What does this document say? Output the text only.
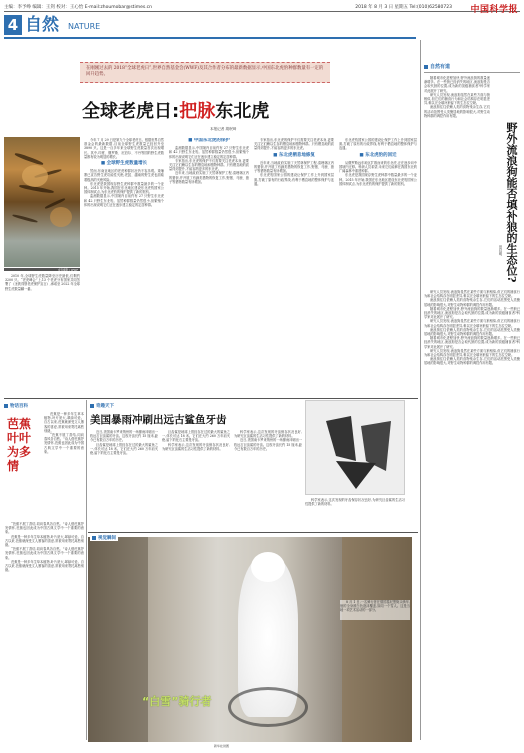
主编：李予峥 编辑：王剑 校对：王心怡 E-mail:zhoumobar@stimes.cn	2018 年 8 月 3 日 星期五 Tel:(010)62580723 中国科学报
4 自然 NATURE
在刚刚过去的 2018“全球老虎日”,世界自然基金会(WWF)及其合作者分布的最新数据显示,中国东北虎豹种群数量有一定的回升趋势。
全球老虎日:把脉东北虎
本报记者 胡珉琦
虎年摄影 / WWF

2010 年,全球野生虎数量降至历史最低,仅剩约 3200 只。“老虎峰会”上,13 个老虎分布国家共同签署了《圣彼得堡老虎保护宣言》,承诺至 2022 年全球野生虎数量翻一番。

今年 7 月 29 日是第九个全球老虎日。根据世界自然基金会的最新数据,目前全球野生虎数量已经回升至 3890 只。这是一百多年来全球野生虎数量首次出现增长。其中,印度、俄罗斯、尼泊尔、不丹等国的野生虎数量都有较为明显的增长。

■ 全球野生虎数量增长

然而,东南亚地区的老虎种群状况仍不容乐观。柬埔寨已宣告野生虎功能性灭绝,老挝、越南的野生虎也面临着极高的灭绝风险。

东北虎是我国现存野生虎种群中数量最多的一个亚种。2015 年开始,我国在东北地区建设东北虎豹国家公园体制试点,为东北虎豹的保护提供了新的契机。

监测数据显示,中国境内目前约有 27 只野生东北虎和 42 只野生东北豹。虽然种群数量仍然很小,但繁殖个体的出现说明它们正在逐步建立稳定的定居种群。

■ 中国东北虎的保护

监测数据显示,中国境内目前约有 27 只野生东北虎和 42 只野生东北豹。虽然种群数量仍然很小,但繁殖个体的出现说明它们正在逐步建立稳定的定居种群。

专家指出,东北虎的保护不仅需要关注老虎本身,更要关注它们赖以生存的栖息地和猎物种群。只有栖息地的质量得到提升,才能容纳更多的东北虎。

近年来,当地政府实施了天然林保护工程,清理林区内的猎套,并开展了有蹄类猎物的恢复工作,野猪、马鹿、狍子等猎物数量有所增加。

专家指出,东北虎的保护不仅需要关注老虎本身,更要关注它们赖以生存的栖息地和猎物种群。只有栖息地的质量得到提升,才能容纳更多的东北虎。

■ 东北虎栖息地修复

近年来,当地政府实施了天然林保护工程,清理林区内的猎套,并开展了有蹄类猎物的恢复工作,野猪、马鹿、狍子等猎物数量有所增加。

东北虎豹国家公园的建设让保护工作上升到国家层面,打破了原有的行政界线,有利于栖息地的整体保护与连通。

东北虎豹国家公园的建设让保护工作上升到国家层面,打破了原有的行政界线,有利于栖息地的整体保护与连通。

■ 东北虎豹的回迁

从俄罗斯远东地区扩散而来的东北虎,正在逐步向中国境内迁移。科研人员希望,未来它们能够在我国东北的广阔森林中重建种群。

东北虎是我国现存野生虎种群中数量最多的一个亚种。2015 年开始,我国在东北地区建设东北虎豹国家公园体制试点,为东北虎豹的保护提供了新的契机。

自然有道

随着城市化进程加快,野外流浪狗的数量逐渐增多。在一些狼已经消失的地区,流浪狗是否会取代狼的位置,成为新的顶级捕食者?科学家对此展开了研究。

研究人员发现,流浪狗虽然在某些方面与狼相似,但它们的捕食行为和社会结构存在明显差异,难以完全填补狼留下的生态位空缺。

流浪狗往往依赖人类的食物残余生存,它们的活动范围受人类聚居地的影响很大,对野生动物种群的调控作用有限。

野外流浪狗能否填补狼的生态位?
田启明

研究人员发现,流浪狗虽然在某些方面与狼相似,但它们的捕食行为和社会结构存在明显差异,难以完全填补狼留下的生态位空缺。

流浪狗往往依赖人类的食物残余生存,它们的活动范围受人类聚居地的影响很大,对野生动物种群的调控作用有限。

随着城市化进程加快,野外流浪狗的数量逐渐增多。在一些狼已经消失的地区,流浪狗是否会取代狼的位置,成为新的顶级捕食者?科学家对此展开了研究。

研究人员发现,流浪狗虽然在某些方面与狼相似,但它们的捕食行为和社会结构存在明显差异,难以完全填补狼留下的生态位空缺。

流浪狗往往依赖人类的食物残余生存,它们的活动范围受人类聚居地的影响很大,对野生动物种群的调控作用有限。

随着城市化进程加快,野外流浪狗的数量逐渐增多。在一些狼已经消失的地区,流浪狗是否会取代狼的位置,成为新的顶级捕食者?科学家对此展开了研究。

研究人员发现,流浪狗虽然在某些方面与狼相似,但它们的捕食行为和社会结构存在明显差异,难以完全填补狼留下的生态位空缺。

流浪狗往往依赖人类的食物残余生存,它们的活动范围受人类聚居地的影响很大,对野生动物种群的调控作用有限。

物话百科
芭蕉叶叶为多情

芭蕉是一种多年生草本植物,叶片宽大,翠绿可爱。自古以来,芭蕉就深受文人墨客的喜爱,常被用来寄托离愁别绪。

“芭蕉不展丁香结,同向春风各自愁。”诗人借芭蕉抒发情怀,芭蕉也因此成为中国古典文学中一个重要的意象。

“芭蕉不展丁香结,同向春风各自愁。”诗人借芭蕉抒发情怀,芭蕉也因此成为中国古典文学中一个重要的意象。

芭蕉是一种多年生草本植物,叶片宽大,翠绿可爱。自古以来,芭蕉就深受文人墨客的喜爱,常被用来寄托离愁别绪。

“芭蕉不展丁香结,同向春风各自愁。”诗人借芭蕉抒发情怀,芭蕉也因此成为中国古典文学中一个重要的意象。

芭蕉是一种多年生草本植物,叶片宽大,翠绿可爱。自古以来,芭蕉就深受文人墨客的喜爱,常被用来寄托离愁别绪。

奇趣天下
美国暴雨冲刷出远古鲨鱼牙齿

近日,美国南卡罗来纳州的一场暴雨冲刷出一枚远古巨齿鲨的牙齿。这枚牙齿长约 15 厘米,距今已有数百万年的历史。

巨齿鲨是地球上曾经存在过的最大的鲨鱼之一,体长可达 18 米。它们在大约 260 万年前灭绝,留下的化石主要是牙齿。

巨齿鲨是地球上曾经存在过的最大的鲨鱼之一,体长可达 18 米。它们在大约 260 万年前灭绝,留下的化石主要是牙齿。

科学家表示,这次发现的牙齿保存状况良好,为研究巨齿鲨的生活习性提供了新的材料。

科学家表示,这次发现的牙齿保存状况良好,为研究巨齿鲨的生活习性提供了新的材料。

近日,美国南卡罗来纳州的一场暴雨冲刷出一枚远古巨齿鲨的牙齿。这枚牙齿长约 15 厘米,距今已有数百万年的历史。

科学家表示,这次发现的牙齿保存状况良好,为研究巨齿鲨的生活习性提供了新的材料。

视觉瞬间
“白雪”骑行者
新华社供图

8 月 1 日,一名骑行者在德国慕尼黑街头骑车,他的全身被白色泡沫覆盖,如同一个雪人。这是当地一项艺术活动的一部分。
